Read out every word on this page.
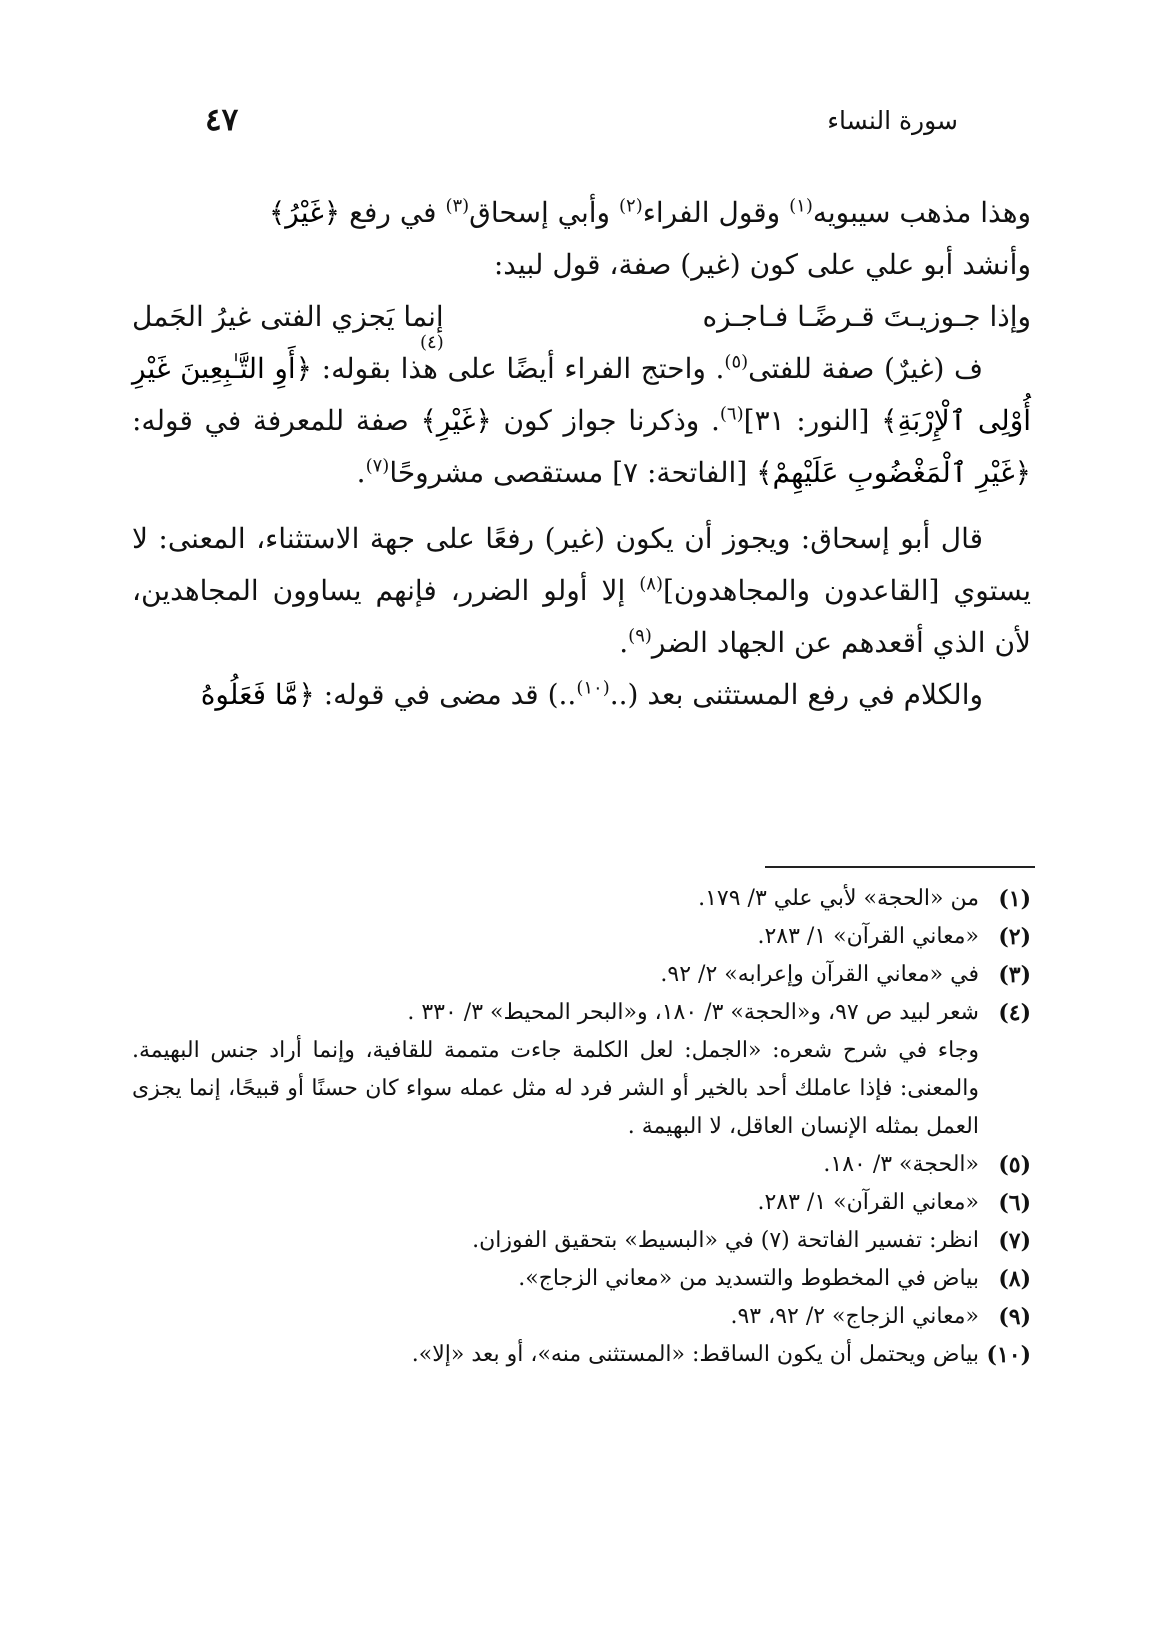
سورة النساء
٤٧

وهذا مذهب سيبويه$^{(١)}$ وقول الفراء$^{(٢)}$ وأبي إسحاق$^{(٣)}$ في رفع ﴿غَيْرُ﴾

وأنشد أبو علي على كون (غير) صفة، قول لبيد:

وإذا جـوزيـتَ قـرضًـا فـاجـزه
إنما يَجزي الفتى غيرُ الجَمل
(٤)

ف (غيرٌ) صفة للفتى$^{(٥)}$. واحتج الفراء أيضًا على هذا بقوله: ﴿أَوِ التَّـٰبِعِينَ غَيْرِ أُوْلِى ٱلْإِرْبَةِ﴾ [النور: ٣١]$^{(٦)}$. وذكرنا جواز كون ﴿غَيْرِ﴾ صفة للمعرفة في قوله: ﴿غَيْرِ ٱلْمَغْضُوبِ عَلَيْهِمْ﴾ [الفاتحة: ٧] مستقصى مشروحًا$^{(٧)}$.

قال أبو إسحاق: ويجوز أن يكون (غير) رفعًا على جهة الاستثناء، المعنى: لا يستوي [القاعدون والمجاهدون]$^{(٨)}$ إلا أولو الضرر، فإنهم يساوون المجاهدين، لأن الذي أقعدهم عن الجهاد الضر$^{(٩)}$.

والكلام في رفع المستثنى بعد (..$^{(١٠)}$..) قد مضى في قوله: ﴿مَّا فَعَلُوهُ

(١)
من «الحجة» لأبي علي ٣/ ١٧٩.
(٢)
«معاني القرآن» ١/ ٢٨٣.
(٣)
في «معاني القرآن وإعرابه» ٢/ ٩٢.
(٤)
شعر لبيد ص ٩٧، و«الحجة» ٣/ ١٨٠، و«البحر المحيط» ٣/ ٣٣٠ .
وجاء في شرح شعره: «الجمل: لعل الكلمة جاءت متممة للقافية، وإنما أراد جنس البهيمة. والمعنى: فإذا عاملك أحد بالخير أو الشر فرد له مثل عمله سواء كان حسنًا أو قبيحًا، إنما يجزى العمل بمثله الإنسان العاقل، لا البهيمة .
(٥)
«الحجة» ٣/ ١٨٠.
(٦)
«معاني القرآن» ١/ ٢٨٣.
(٧)
انظر: تفسير الفاتحة (٧) في «البسيط» بتحقيق الفوزان.
(٨)
بياض في المخطوط والتسديد من «معاني الزجاج».
(٩)
«معاني الزجاج» ٢/ ٩٢، ٩٣.
(١٠)
بياض ويحتمل أن يكون الساقط: «المستثنى منه»، أو بعد «إلا».
